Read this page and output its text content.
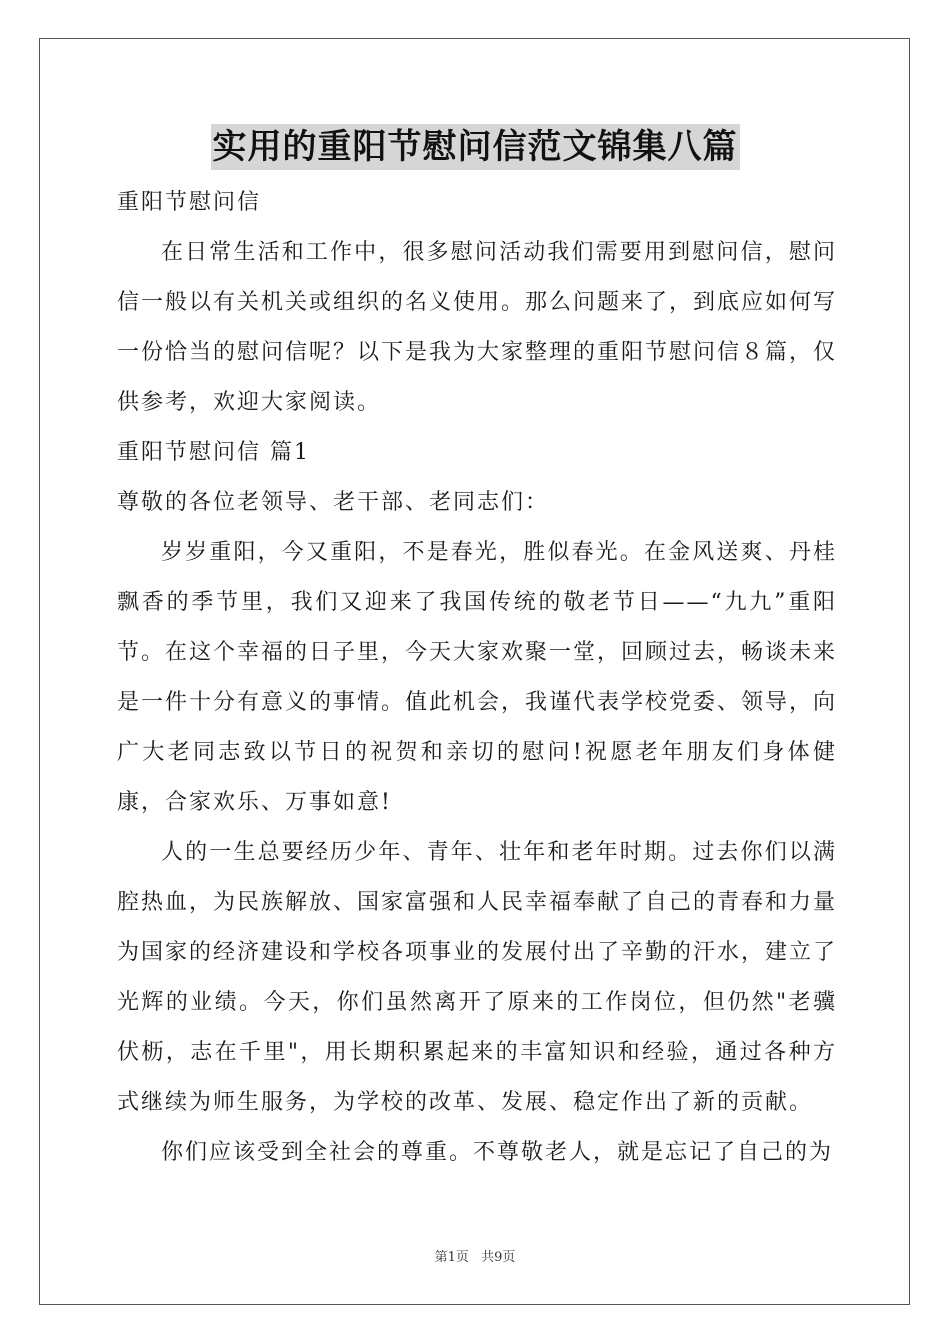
实用的重阳节慰问信范文锦集八篇

重阳节慰问信

在日常生活和工作中，很多慰问活动我们需要用到慰问信，慰问信一般以有关机关或组织的名义使用。那么问题来了，到底应如何写一份恰当的慰问信呢？以下是我为大家整理的重阳节慰问信８篇，仅供参考，欢迎大家阅读。

重阳节慰问信 篇1

尊敬的各位老领导、老干部、老同志们：

岁岁重阳，今又重阳，不是春光，胜似春光。在金风送爽、丹桂飘香的季节里，我们又迎来了我国传统的敬老节日——“九九”重阳节。在这个幸福的日子里，今天大家欢聚一堂，回顾过去，畅谈未来是一件十分有意义的事情。值此机会，我谨代表学校党委、领导，向广大老同志致以节日的祝贺和亲切的慰问!祝愿老年朋友们身体健康，合家欢乐、万事如意!

人的一生总要经历少年、青年、壮年和老年时期。过去你们以满腔热血，为民族解放、国家富强和人民幸福奉献了自己的青春和力量为国家的经济建设和学校各项事业的发展付出了辛勤的汗水，建立了光辉的业绩。今天，你们虽然离开了原来的工作岗位，但仍然"老骥伏枥，志在千里"，用长期积累起来的丰富知识和经验，通过各种方式继续为师生服务，为学校的改革、发展、稳定作出了新的贡献。

你们应该受到全社会的尊重。不尊敬老人，就是忘记了自己的为

第1页 共9页
